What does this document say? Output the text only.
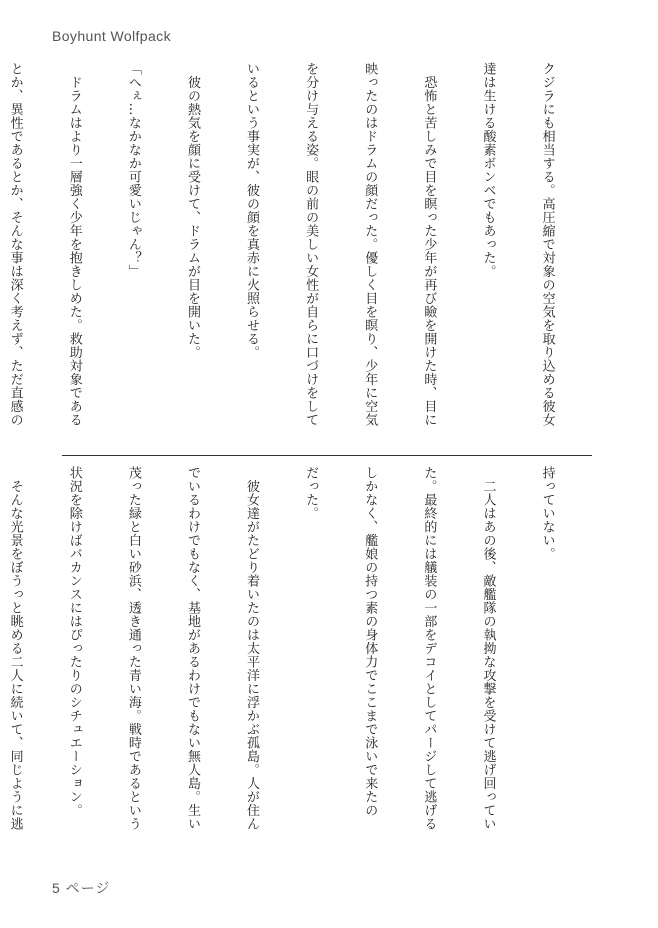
Boyhunt Wolfpack

クジラにも相当する。高圧縮で対象の空気を取り込める彼女

達は生ける酸素ボンベでもあった。

　恐怖と苦しみで目を瞑った少年が再び瞼を開けた時、目に

映ったのはドラムの顔だった。優しく目を瞑り、少年に空気

を分け与える姿。眼の前の美しい女性が自らに口づけをして

いるという事実が、彼の顔を真赤に火照らせる。

　彼の熱気を顔に受けて、ドラムが目を開いた。

「へぇ…なかなか可愛いじゃん？」

　ドラムはより一層強く少年を抱きしめた。救助対象である

とか、異性であるとか、そんな事は深く考えず、ただ直感の

持っていない。

　二人はあの後、敵艦隊の執拗な攻撃を受けて逃げ回ってい

た。最終的には艤装の一部をデコイとしてパージして逃げる

しかなく、艦娘の持つ素の身体力でここまで泳いで来たの

だった。

　彼女達がたどり着いたのは太平洋に浮かぶ孤島。人が住ん

でいるわけでもなく、基地があるわけでもない無人島。生い

茂った緑と白い砂浜、透き通った青い海。戦時であるという

状況を除けばバカンスにはぴったりのシチュエーション。

　そんな光景をぼうっと眺める二人に続いて、同じように逃

5 ページ
